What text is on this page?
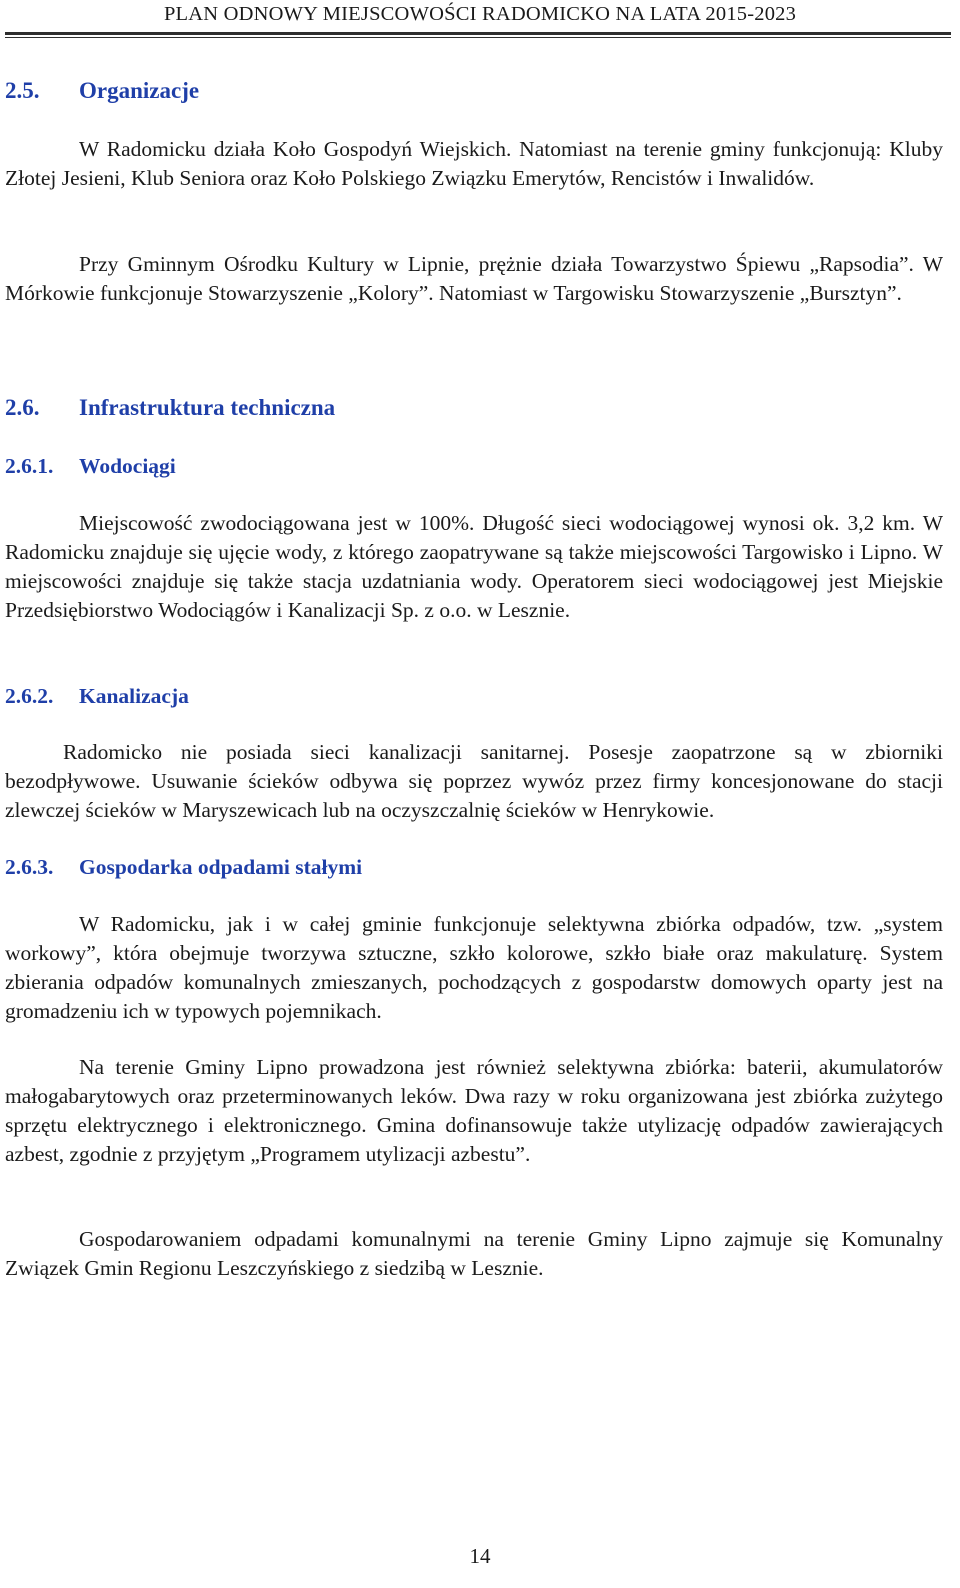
PLAN ODNOWY MIEJSCOWOŚCI RADOMICKO NA LATA 2015-2023
2.5. Organizacje

W Radomicku działa Koło Gospodyń Wiejskich. Natomiast na terenie gminy funkcjonują: Kluby Złotej Jesieni, Klub Seniora oraz Koło Polskiego Związku Emerytów, Rencistów i Inwalidów.

Przy Gminnym Ośrodku Kultury w Lipnie, prężnie działa Towarzystwo Śpiewu „Rapsodia”. W Mórkowie funkcjonuje Stowarzyszenie „Kolory”. Natomiast w Targowisku Stowarzyszenie „Bursztyn”.

2.6. Infrastruktura techniczna
2.6.1. Wodociągi

Miejscowość zwodociągowana jest w 100%. Długość sieci wodociągowej wynosi ok. 3,2 km. W Radomicku znajduje się ujęcie wody, z którego zaopatrywane są także miejscowości Targowisko i Lipno. W miejscowości znajduje się także stacja uzdatniania wody. Operatorem sieci wodociągowej jest Miejskie Przedsiębiorstwo Wodociągów i Kanalizacji Sp. z o.o. w Lesznie.

2.6.2. Kanalizacja

Radomicko nie posiada sieci kanalizacji sanitarnej. Posesje zaopatrzone są w zbiorniki bezodpływowe. Usuwanie ścieków odbywa się poprzez wywóz przez firmy koncesjonowane do stacji zlewczej ścieków w Maryszewicach lub na oczyszczalnię ścieków w Henrykowie.

2.6.3. Gospodarka odpadami stałymi

W Radomicku, jak i w całej gminie funkcjonuje selektywna zbiórka odpadów, tzw. „system workowy”, która obejmuje tworzywa sztuczne, szkło kolorowe, szkło białe oraz makulaturę. System zbierania odpadów komunalnych zmieszanych, pochodzących z gospodarstw domowych oparty jest na gromadzeniu ich w typowych pojemnikach.

Na terenie Gminy Lipno prowadzona jest również selektywna zbiórka: baterii, akumulatorów małogabarytowych oraz przeterminowanych leków. Dwa razy w roku organizowana jest zbiórka zużytego sprzętu elektrycznego i elektronicznego. Gmina dofinansowuje także utylizację odpadów zawierających azbest, zgodnie z przyjętym „Programem utylizacji azbestu”.

Gospodarowaniem odpadami komunalnymi na terenie Gminy Lipno zajmuje się Komunalny Związek Gmin Regionu Leszczyńskiego z siedzibą w Lesznie.

14
